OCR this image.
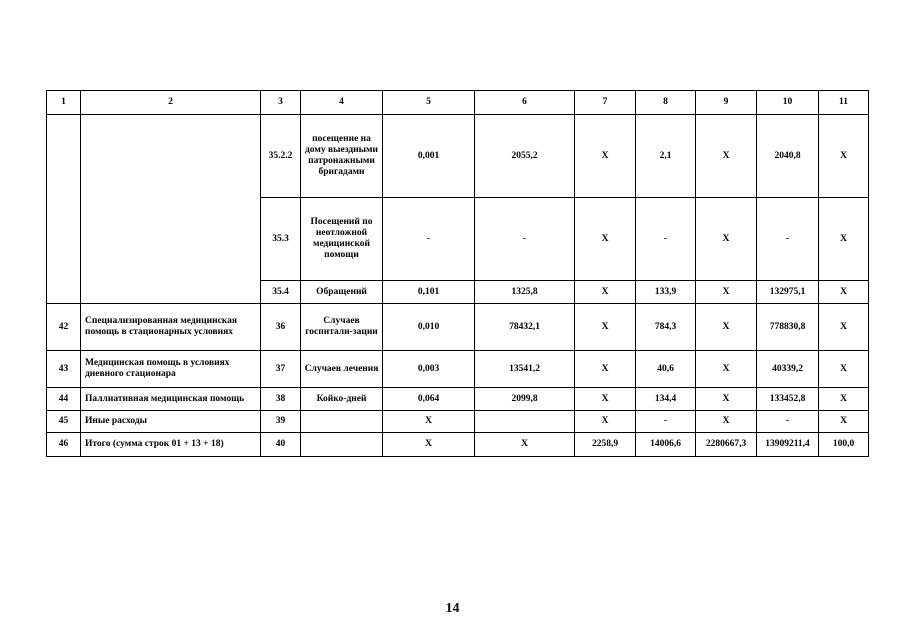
1	2	3	4	5	6	7	8	9	10	11
		35.2.2	посещение на дому выездными патронажными бригадами	0,001	2055,2	Х	2,1	Х	2040,8	Х
		35.3	Посещений по неотложной медицинской помощи	-	-	Х	-	Х	-	Х
		35.4	Обращений	0,101	1325,8	Х	133,9	Х	132975,1	Х
42	Специализированная медицинская помощь в стационарных условиях	36	Случаев госпитали-зации	0,010	78432,1	Х	784,3	Х	778830,8	Х
43	Медицинская помощь в условиях дневного стационара	37	Случаев лечения	0,003	13541,2	Х	40,6	Х	40339,2	Х
44	Паллиативная медицинская помощь	38	Койко-дней	0,064	2099,8	Х	134,4	Х	133452,8	Х
45	Иные расходы	39		Х		Х	-	Х	-	Х
46	Итого (сумма строк 01 + 13 + 18)	40		Х	Х	2258,9	14006,6	2280667,3	13909211,4	100,0
14
